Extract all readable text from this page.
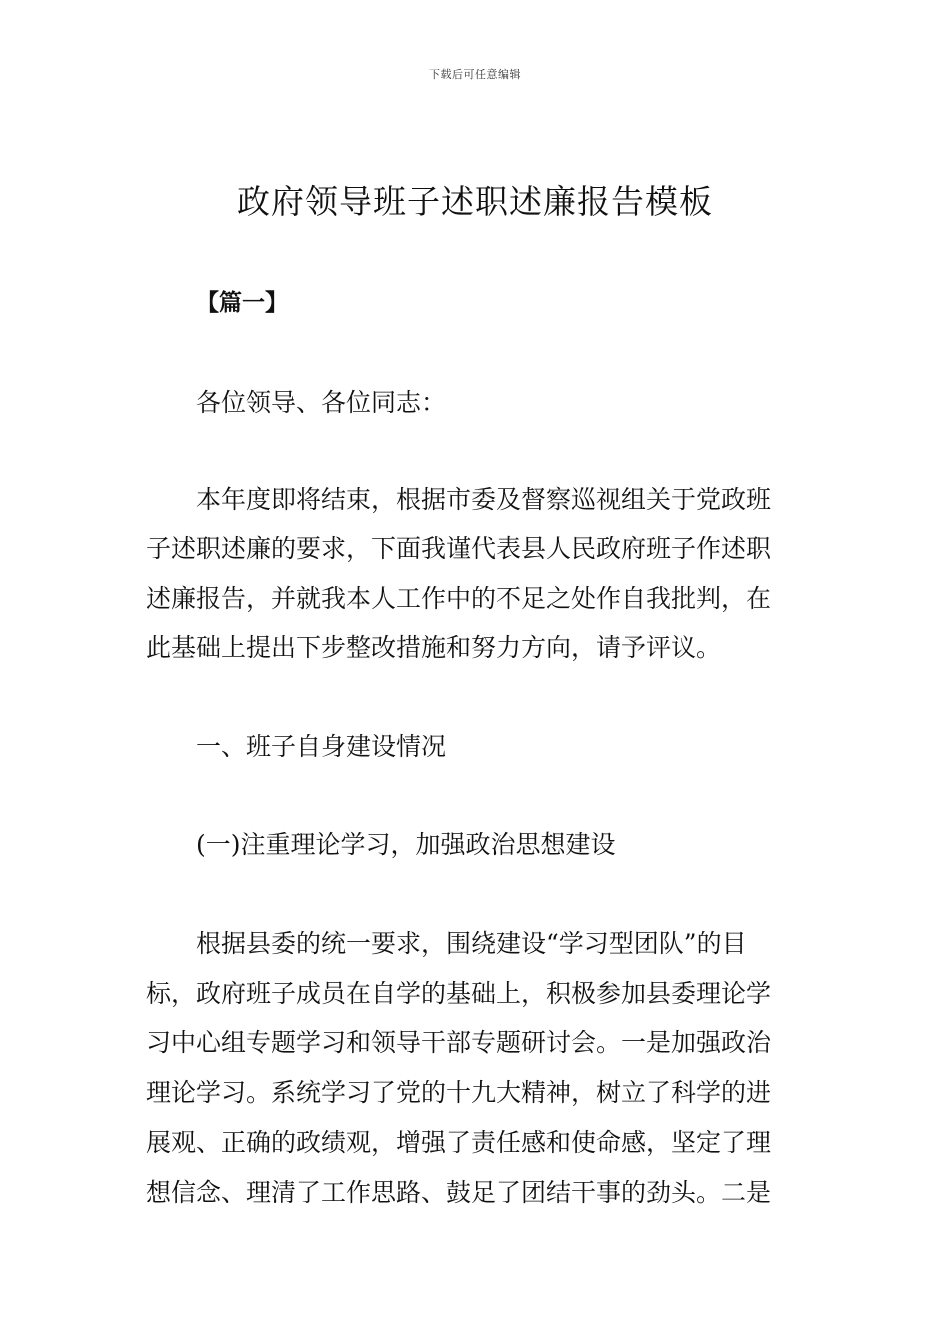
下载后可任意编辑
政府领导班子述职述廉报告模板
【篇一】
各位领导、各位同志：
本年度即将结束，根据市委及督察巡视组关于党政班
子述职述廉的要求，下面我谨代表县人民政府班子作述职
述廉报告，并就我本人工作中的不足之处作自我批判，在
此基础上提出下步整改措施和努力方向，请予评议。
一、班子自身建设情况
(一)注重理论学习，加强政治思想建设
根据县委的统一要求，围绕建设“学习型团队”的目
标，政府班子成员在自学的基础上，积极参加县委理论学
习中心组专题学习和领导干部专题研讨会。一是加强政治
理论学习。系统学习了党的十九大精神，树立了科学的进
展观、正确的政绩观，增强了责任感和使命感，坚定了理
想信念、理清了工作思路、鼓足了团结干事的劲头。二是
